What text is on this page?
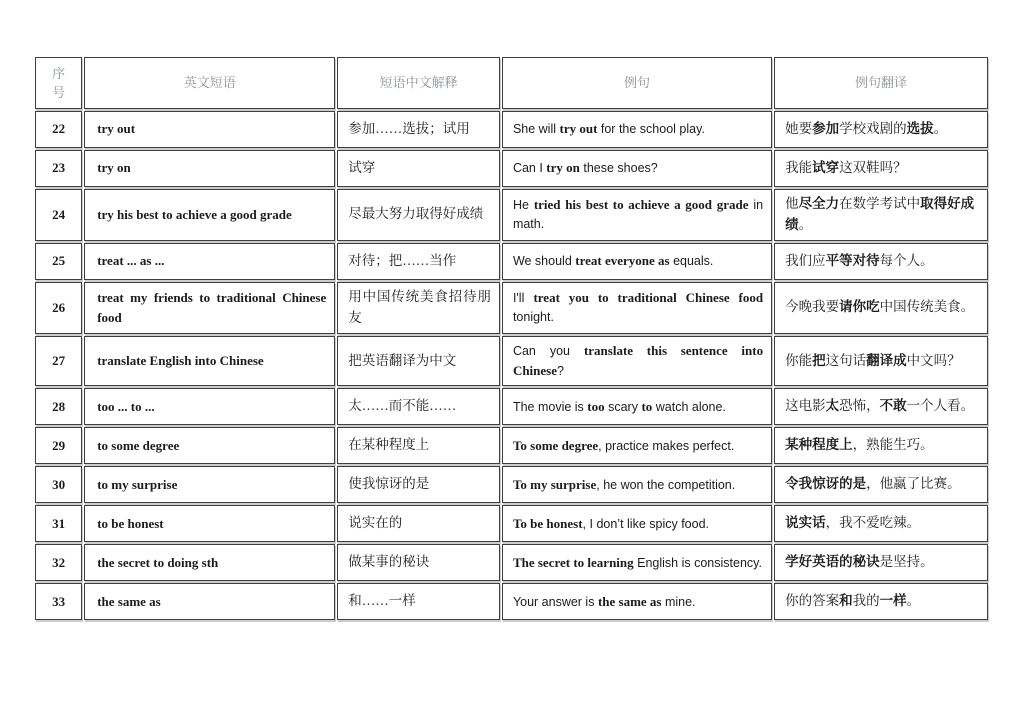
序号	英文短语	短语中文解释	例句	例句翻译
22	try out	参加……选拔；试用	She will try out for the school play.	她要参加学校戏剧的选拔。
23	try on	试穿	Can I try on these shoes?	我能试穿这双鞋吗？
24	try his best to achieve a good grade	尽最大努力取得好成绩	He tried his best to achieve a good grade in math.	他尽全力在数学考试中取得好成绩。
25	treat ... as ...	对待；把……当作	We should treat everyone as equals.	我们应平等对待每个人。
26	treat my friends to traditional Chinese food	用中国传统美食招待朋友	I'll treat you to traditional Chinese food tonight.	今晚我要请你吃中国传统美食。
27	translate English into Chinese	把英语翻译为中文	Can you translate this sentence into Chinese?	你能把这句话翻译成中文吗？
28	too ... to ...	太……而不能……	The movie is too scary to watch alone.	这电影太恐怖，不敢一个人看。
29	to some degree	在某种程度上	To some degree, practice makes perfect.	某种程度上，熟能生巧。
30	to my surprise	使我惊讶的是	To my surprise, he won the competition.	令我惊讶的是，他赢了比赛。
31	to be honest	说实在的	To be honest, I don’t like spicy food.	说实话，我不爱吃辣。
32	the secret to doing sth	做某事的秘诀	The secret to learning English is consistency.	学好英语的秘诀是坚持。
33	the same as	和……一样	Your answer is the same as mine.	你的答案和我的一样。
